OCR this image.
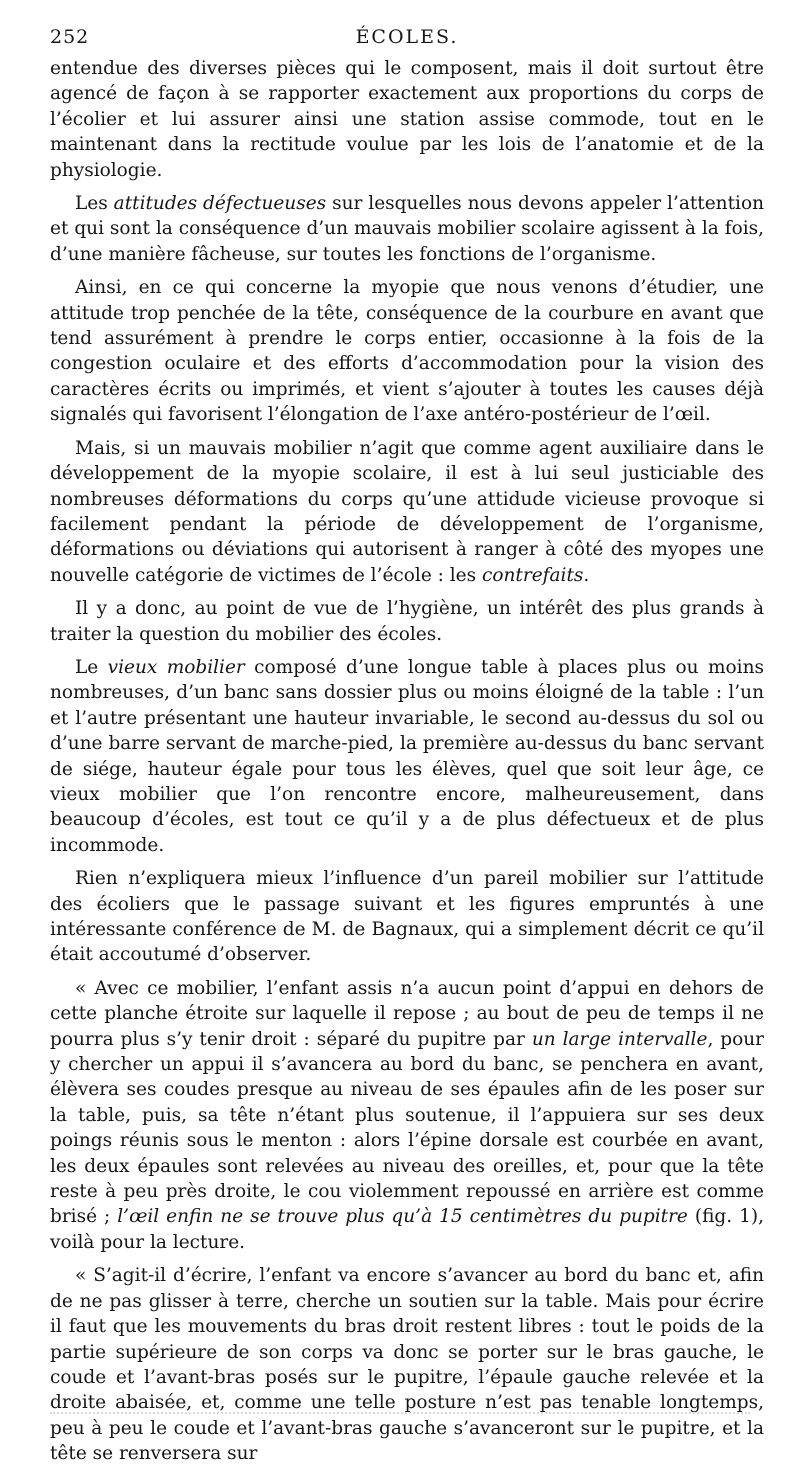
252	ÉCOLES.

entendue des diverses pièces qui le composent, mais il doit surtout être agencé de façon à se rapporter exactement aux proportions du corps de l’écolier et lui assurer ainsi une station assise commode, tout en le maintenant dans la rectitude voulue par les lois de l’anatomie et de la physiologie.

Les attitudes défectueuses sur lesquelles nous devons appeler l’attention et qui sont la conséquence d’un mauvais mobilier scolaire agissent à la fois, d’une manière fâcheuse, sur toutes les fonctions de l’organisme.

Ainsi, en ce qui concerne la myopie que nous venons d’étudier, une attitude trop penchée de la tête, conséquence de la courbure en avant que tend assurément à prendre le corps entier, occasionne à la fois de la congestion oculaire et des efforts d’accommodation pour la vision des caractères écrits ou imprimés, et vient s’ajouter à toutes les causes déjà signalés qui favorisent l’élongation de l’axe antéro-postérieur de l’œil.

Mais, si un mauvais mobilier n’agit que comme agent auxiliaire dans le développement de la myopie scolaire, il est à lui seul justiciable des nombreuses déformations du corps qu’une attidude vicieuse provoque si facilement pendant la période de développement de l’organisme, déformations ou déviations qui autorisent à ranger à côté des myopes une nouvelle catégorie de victimes de l’école : les contrefaits.

Il y a donc, au point de vue de l’hygiène, un intérêt des plus grands à traiter la question du mobilier des écoles.

Le vieux mobilier composé d’une longue table à places plus ou moins nombreuses, d’un banc sans dossier plus ou moins éloigné de la table : l’un et l’autre présentant une hauteur invariable, le second au-dessus du sol ou d’une barre servant de marche-pied, la première au-dessus du banc servant de siége, hauteur égale pour tous les élèves, quel que soit leur âge, ce vieux mobilier que l’on rencontre encore, malheureusement, dans beaucoup d’écoles, est tout ce qu’il y a de plus défectueux et de plus incommode.

Rien n’expliquera mieux l’influence d’un pareil mobilier sur l’attitude des écoliers que le passage suivant et les figures empruntés à une intéressante conférence de M. de Bagnaux, qui a simplement décrit ce qu’il était accoutumé d’observer.

« Avec ce mobilier, l’enfant assis n’a aucun point d’appui en dehors de cette planche étroite sur laquelle il repose ; au bout de peu de temps il ne pourra plus s’y tenir droit : séparé du pupitre par un large intervalle, pour y chercher un appui il s’avancera au bord du banc, se penchera en avant, élèvera ses coudes presque au niveau de ses épaules afin de les poser sur la table, puis, sa tête n’étant plus soutenue, il l’appuiera sur ses deux poings réunis sous le menton : alors l’épine dorsale est courbée en avant, les deux épaules sont relevées au niveau des oreilles, et, pour que la tête reste à peu près droite, le cou violemment repoussé en arrière est comme brisé ; l’œil enfin ne se trouve plus qu’à 15 centimètres du pupitre (fig. 1), voilà pour la lecture.

« S’agit-il d’écrire, l’enfant va encore s’avancer au bord du banc et, afin de ne pas glisser à terre, cherche un soutien sur la table. Mais pour écrire il faut que les mouvements du bras droit restent libres : tout le poids de la partie supérieure de son corps va donc se porter sur le bras gauche, le coude et l’avant-bras posés sur le pupitre, l’épaule gauche relevée et la droite abaisée, et, comme une telle posture n’est pas tenable longtemps, peu à peu le coude et l’avant-bras gauche s’avanceront sur le pupitre, et la tête se renversera sur
